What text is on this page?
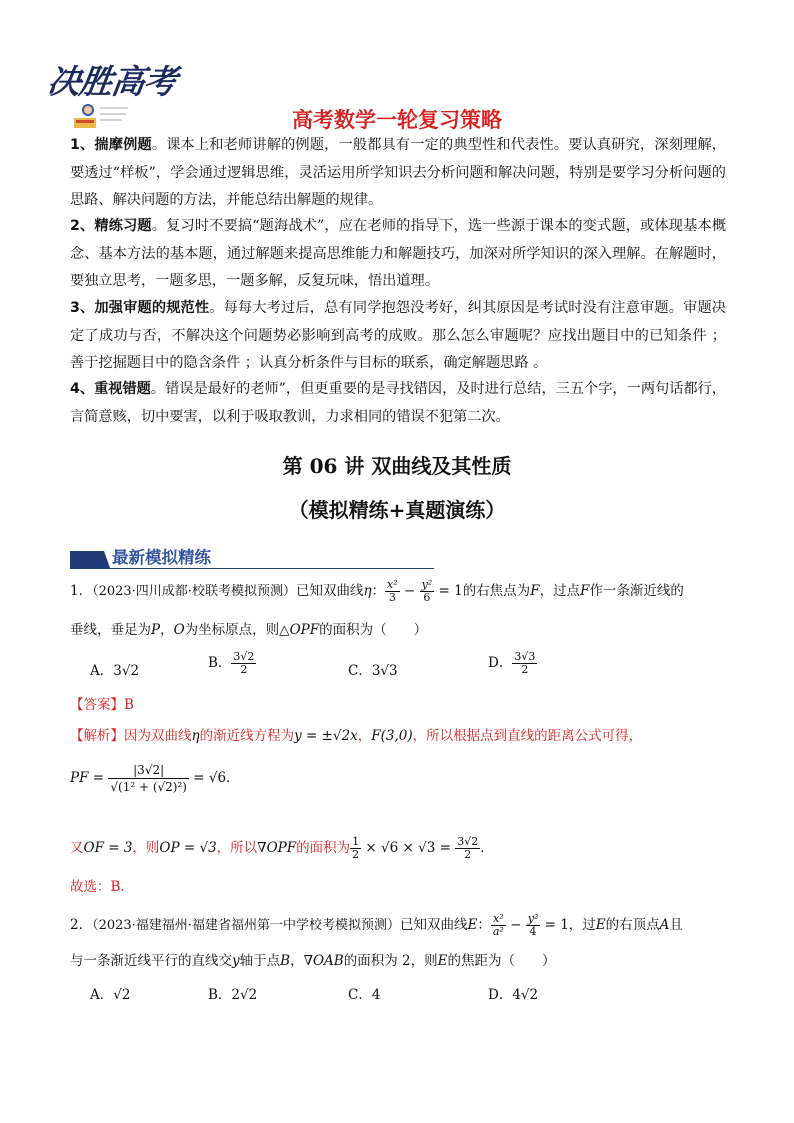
决胜高考
高考数学一轮复习策略
1、揣摩例题。课本上和老师讲解的例题，一般都具有一定的典型性和代表性。要认真研究，深刻理解，要透过“样板”，学会通过逻辑思维，灵活运用所学知识去分析问题和解决问题，特别是要学习分析问题的思路、解决问题的方法，并能总结出解题的规律。
2、精练习题。复习时不要搞“题海战术”，应在老师的指导下，选一些源于课本的变式题，或体现基本概念、基本方法的基本题，通过解题来提高思维能力和解题技巧，加深对所学知识的深入理解。在解题时，要独立思考，一题多思，一题多解，反复玩味，悟出道理。
3、加强审题的规范性。每每大考过后，总有同学抱怨没考好，纠其原因是考试时没有注意审题。审题决定了成功与否，不解决这个问题势必影响到高考的成败。那么怎么审题呢？应找出题目中的已知条件 ；善于挖掘题目中的隐含条件 ；认真分析条件与目标的联系，确定解题思路 。
4、重视错题。错误是最好的老师”，但更重要的是寻找错因，及时进行总结，三五个字，一两句话都行，言简意赅，切中要害，以利于吸取教训，力求相同的错误不犯第二次。
第 06 讲 双曲线及其性质
（模拟精练+真题演练）
最新模拟精练
1．（2023·四川成都·校联考模拟预测）已知双曲线η： $\frac{\text{x²}}{3} - \frac{\text{y²}}{6} = 1$的右焦点为F，过点F作一条渐近线的
垂线，垂足为P，O为坐标原点，则△OPF的面积为（　　）
A．3√2	B． $\frac{3√2}{2}$	C．3√3	D． $\frac{3√3}{2}$
【答案】B
【解析】因为双曲线η的渐近线方程为y = ±√2x，F(3,0)，所以根据点到直线的距离公式可得，
PF = $\frac{|3√2|}{\text{√(1² + (√2)²)}} = √6$．
又OF = 3，则OP = √3，所以∇OPF的面积为 $\frac{1}{2} \times √6 \times √3 = \frac{3√2}{2}$ ．
故选：B.
2．（2023·福建福州·福建省福州第一中学校考模拟预测）已知双曲线E： $\frac{\text{x²}}{\text{a²}} - \frac{\text{y²}}{4} = 1$，过E的右顶点A且
与一条渐近线平行的直线交y轴于点B，∇OAB的面积为 2，则E的焦距为（　　）
A．√2	B．2√2	C．4	D．4√2
